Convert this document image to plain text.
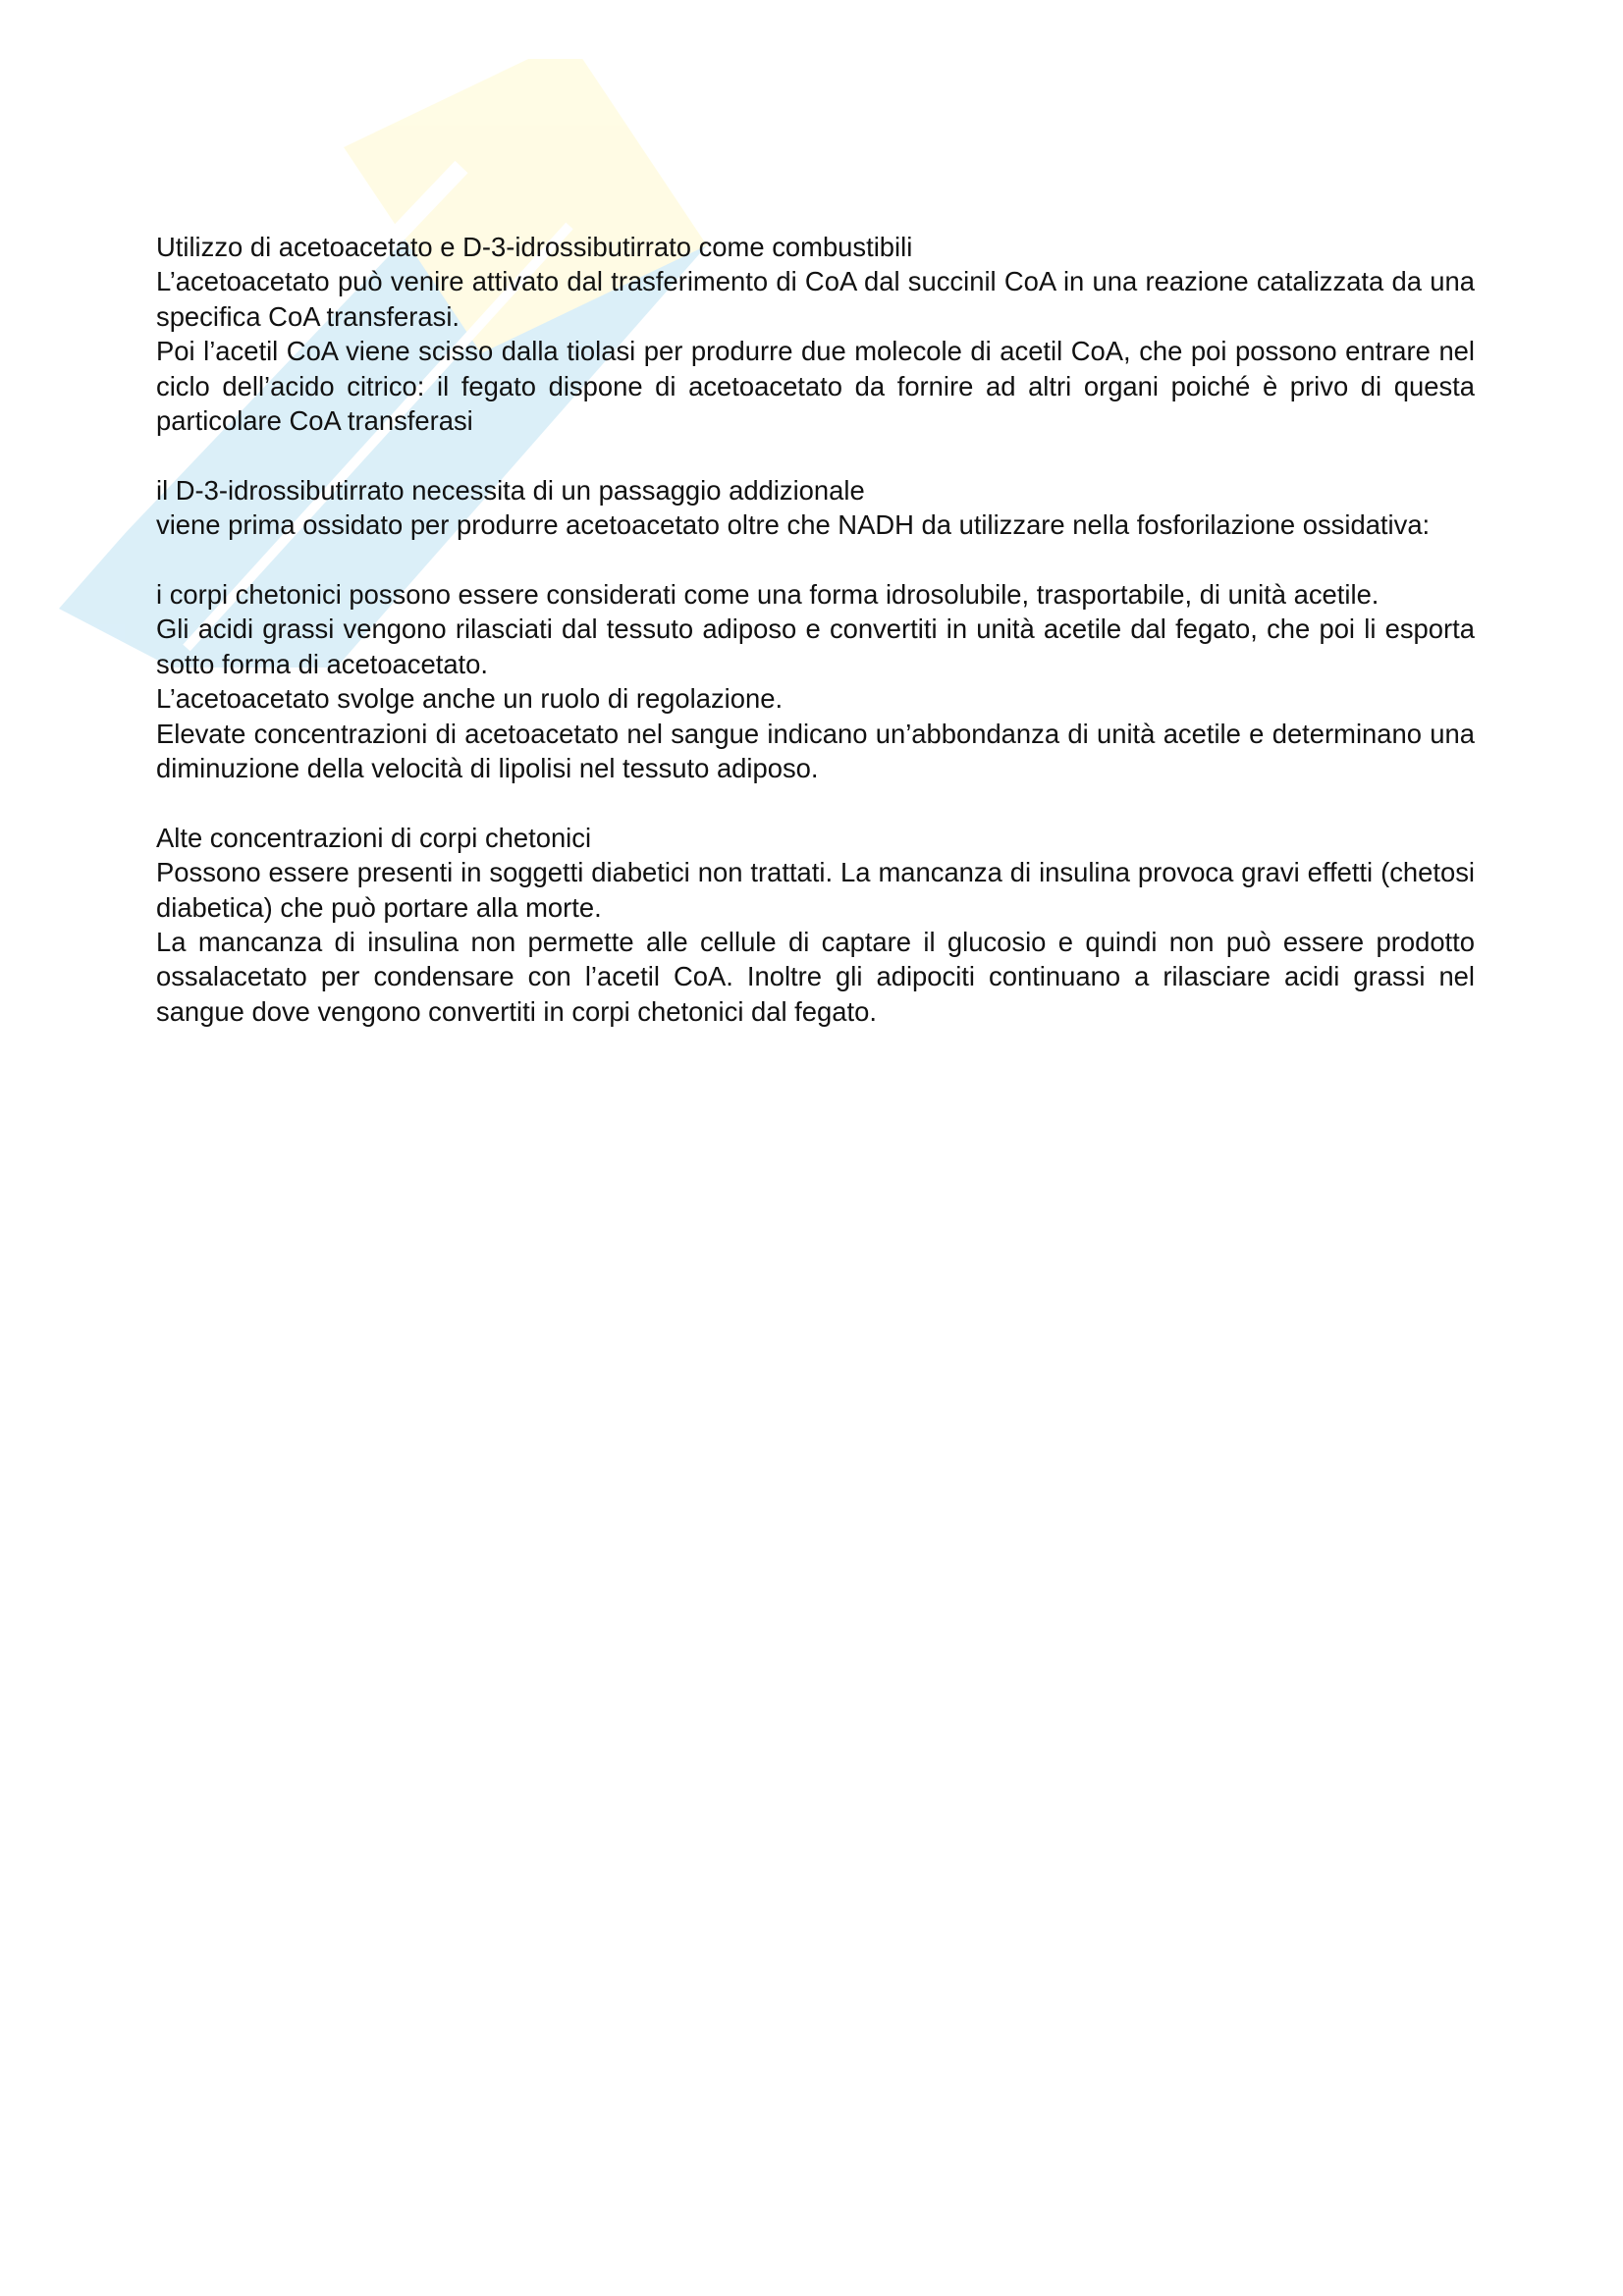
Utilizzo di acetoacetato e D-3-idrossibutirrato come combustibili

L’acetoacetato può venire attivato dal trasferimento di CoA dal succinil CoA in una reazione catalizzata da una specifica CoA transferasi.

Poi l’acetil CoA viene scisso dalla tiolasi per produrre due molecole di acetil CoA, che poi possono entrare nel ciclo dell’acido citrico: il fegato dispone di acetoacetato da fornire ad altri organi poiché è privo di questa particolare CoA transferasi

il D-3-idrossibutirrato necessita di un passaggio addizionale

viene prima ossidato per produrre acetoacetato oltre che NADH da utilizzare nella fosforilazione ossidativa:

i corpi chetonici possono essere considerati come una forma idrosolubile, trasportabile, di unità acetile.

Gli acidi grassi vengono rilasciati dal tessuto adiposo e convertiti in unità acetile dal fegato, che poi li esporta sotto forma di acetoacetato.

L’acetoacetato svolge anche un ruolo di regolazione.

Elevate concentrazioni di acetoacetato nel sangue indicano un’abbondanza di unità acetile e determinano una diminuzione della velocità di lipolisi nel tessuto adiposo.

Alte concentrazioni di corpi chetonici

Possono essere presenti in soggetti diabetici non trattati. La mancanza di insulina provoca gravi effetti (chetosi diabetica) che può portare alla morte.

La mancanza di insulina non permette alle cellule di captare il glucosio e quindi non può essere prodotto ossalacetato per condensare con l’acetil CoA. Inoltre gli adipociti continuano a rilasciare acidi grassi nel sangue dove vengono convertiti in corpi chetonici dal fegato.
